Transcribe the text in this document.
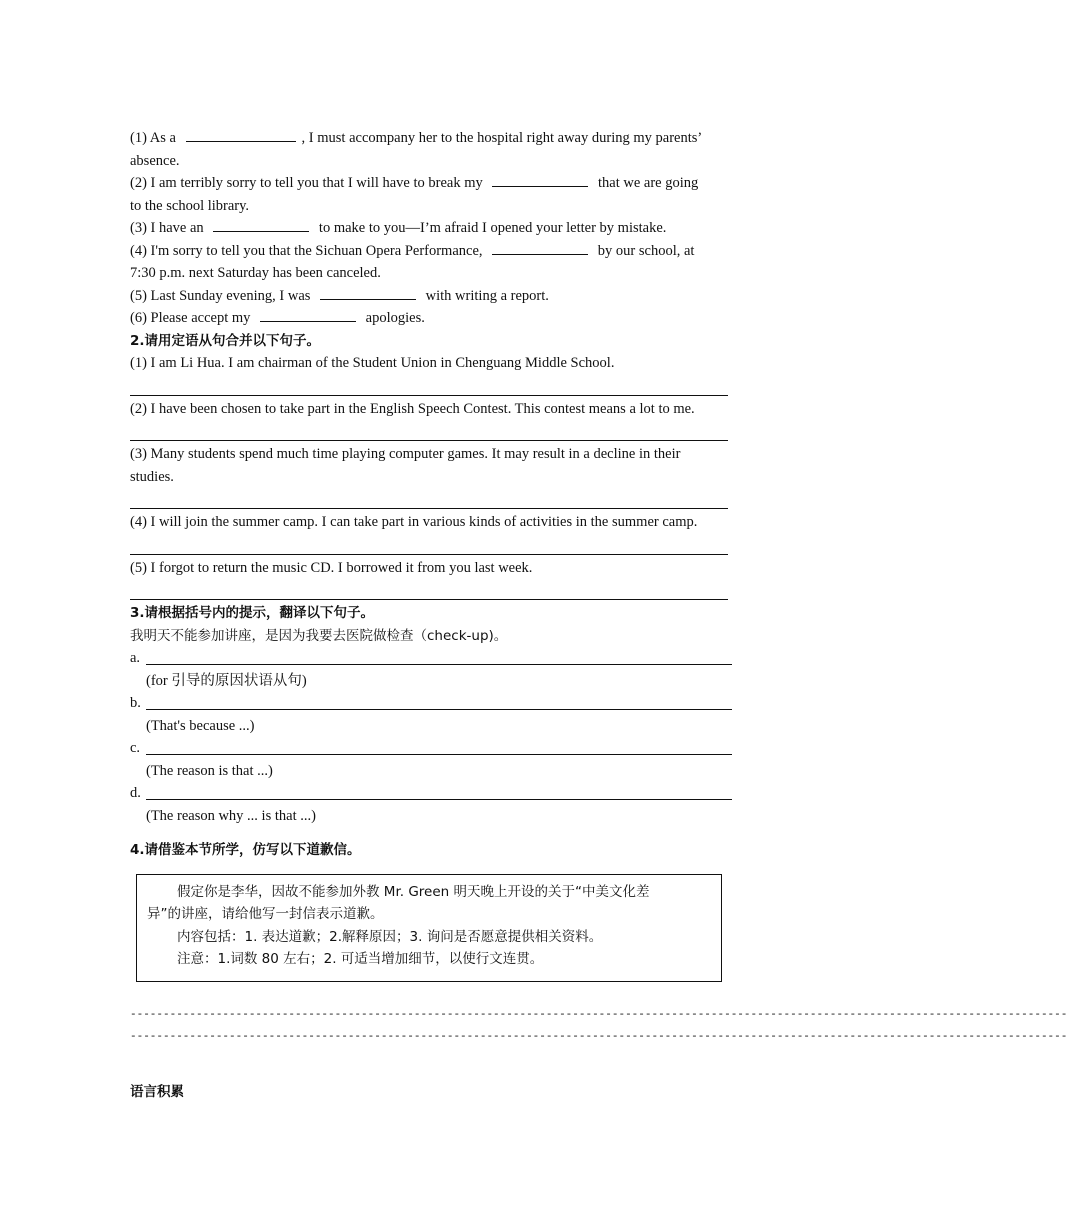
(1) As a	, I must accompany her to the hospital right away during my parents’
absence.
(2) I am terribly sorry to tell you that I will have to break my	that we are going
to the school library.
(3) I have an	to make to you—I’m afraid I opened your letter by mistake.
(4) I'm sorry to tell you that the Sichuan Opera Performance,	by our school, at
7:30 p.m. next Saturday has been canceled.
(5) Last Sunday evening, I was	with writing a report.
(6) Please accept my	apologies.
2.请用定语从句合并以下句子。
(1) I am Li Hua. I am chairman of the Student Union in Chenguang Middle School.
(2) I have been chosen to take part in the English Speech Contest. This contest means a lot to me.
(3) Many students spend much time playing computer games. It may result in a decline in their
studies.
(4) I will join the summer camp. I can take part in various kinds of activities in the summer camp.
(5) I forgot to return the music CD. I borrowed it from you last week.
3.请根据括号内的提示，翻译以下句子。
我明天不能参加讲座，是因为我要去医院做检查（check-up)。
a.
(for 引导的原因状语从句)
b.
(That's because ...)
c.
(The reason is that ...)
d.
(The reason why ... is that ...)
4.请借鉴本节所学，仿写以下道歉信。
假定你是李华，因故不能参加外教 Mr. Green 明天晚上开设的关于“中美文化差
异”的讲座，请给他写一封信表示道歉。
内容包括：1. 表达道歉；2.解释原因；3. 询问是否愿意提供相关资料。
注意：1.词数 80 左右；2. 可适当增加细节，以使行文连贯。
----------------------------------------------------------------------------------------------------------------------------------------------
----------------------------------------------------------------------------------------------------------------------------------------------
语言积累
